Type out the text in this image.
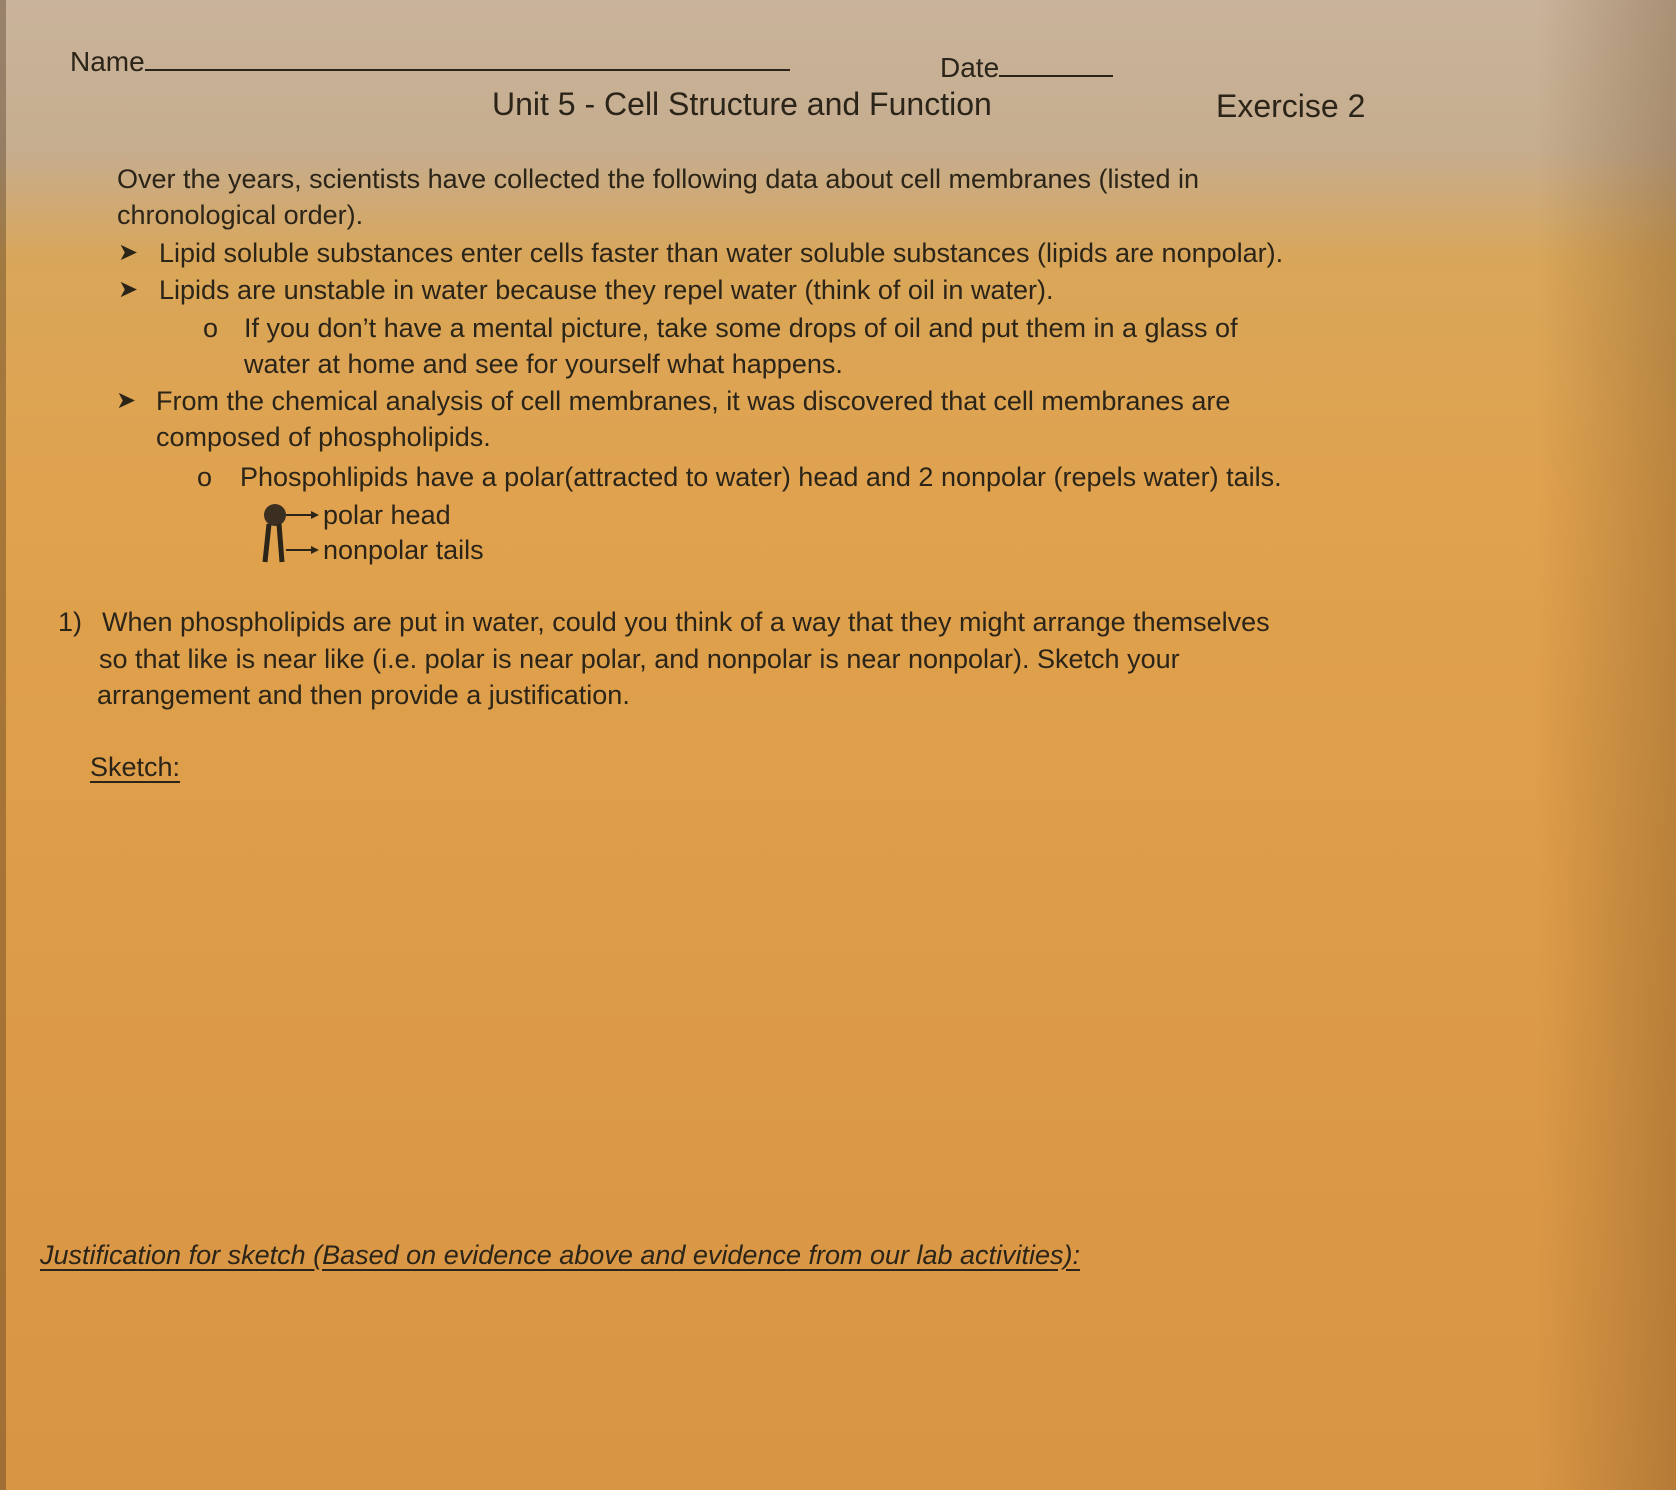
Name	Date
Unit 5 - Cell Structure and Function	Exercise 2
Over the years, scientists have collected the following data about cell membranes (listed in
chronological order).
➤ Lipid soluble substances enter cells faster than water soluble substances (lipids are nonpolar).
➤ Lipids are unstable in water because they repel water (think of oil in water).
o If you don’t have a mental picture, take some drops of oil and put them in a glass of
water at home and see for yourself what happens.
➤ From the chemical analysis of cell membranes, it was discovered that cell membranes are
composed of phospholipids.
o Phospohlipids have a polar(attracted to water) head and 2 nonpolar (repels water) tails.
polar head
nonpolar tails
1) When phospholipids are put in water, could you think of a way that they might arrange themselves
so that like is near like (i.e. polar is near polar, and nonpolar is near nonpolar). Sketch your
arrangement and then provide a justification.
Sketch:
Justification for sketch (Based on evidence above and evidence from our lab activities):
